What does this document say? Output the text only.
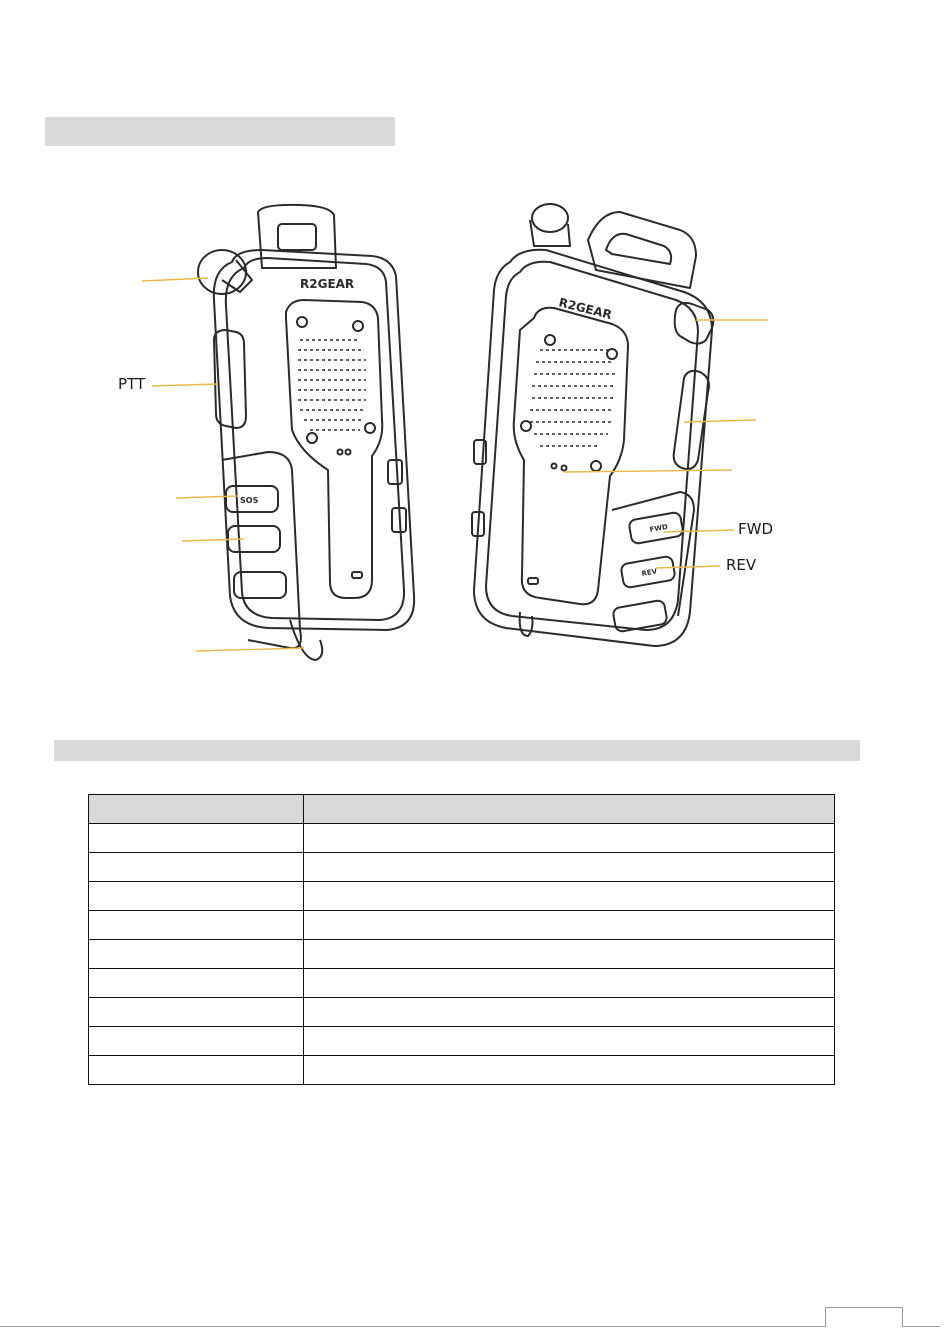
R2GEAR
SOS
R2GEAR
FWD
REV
PTT
FWD
REV
